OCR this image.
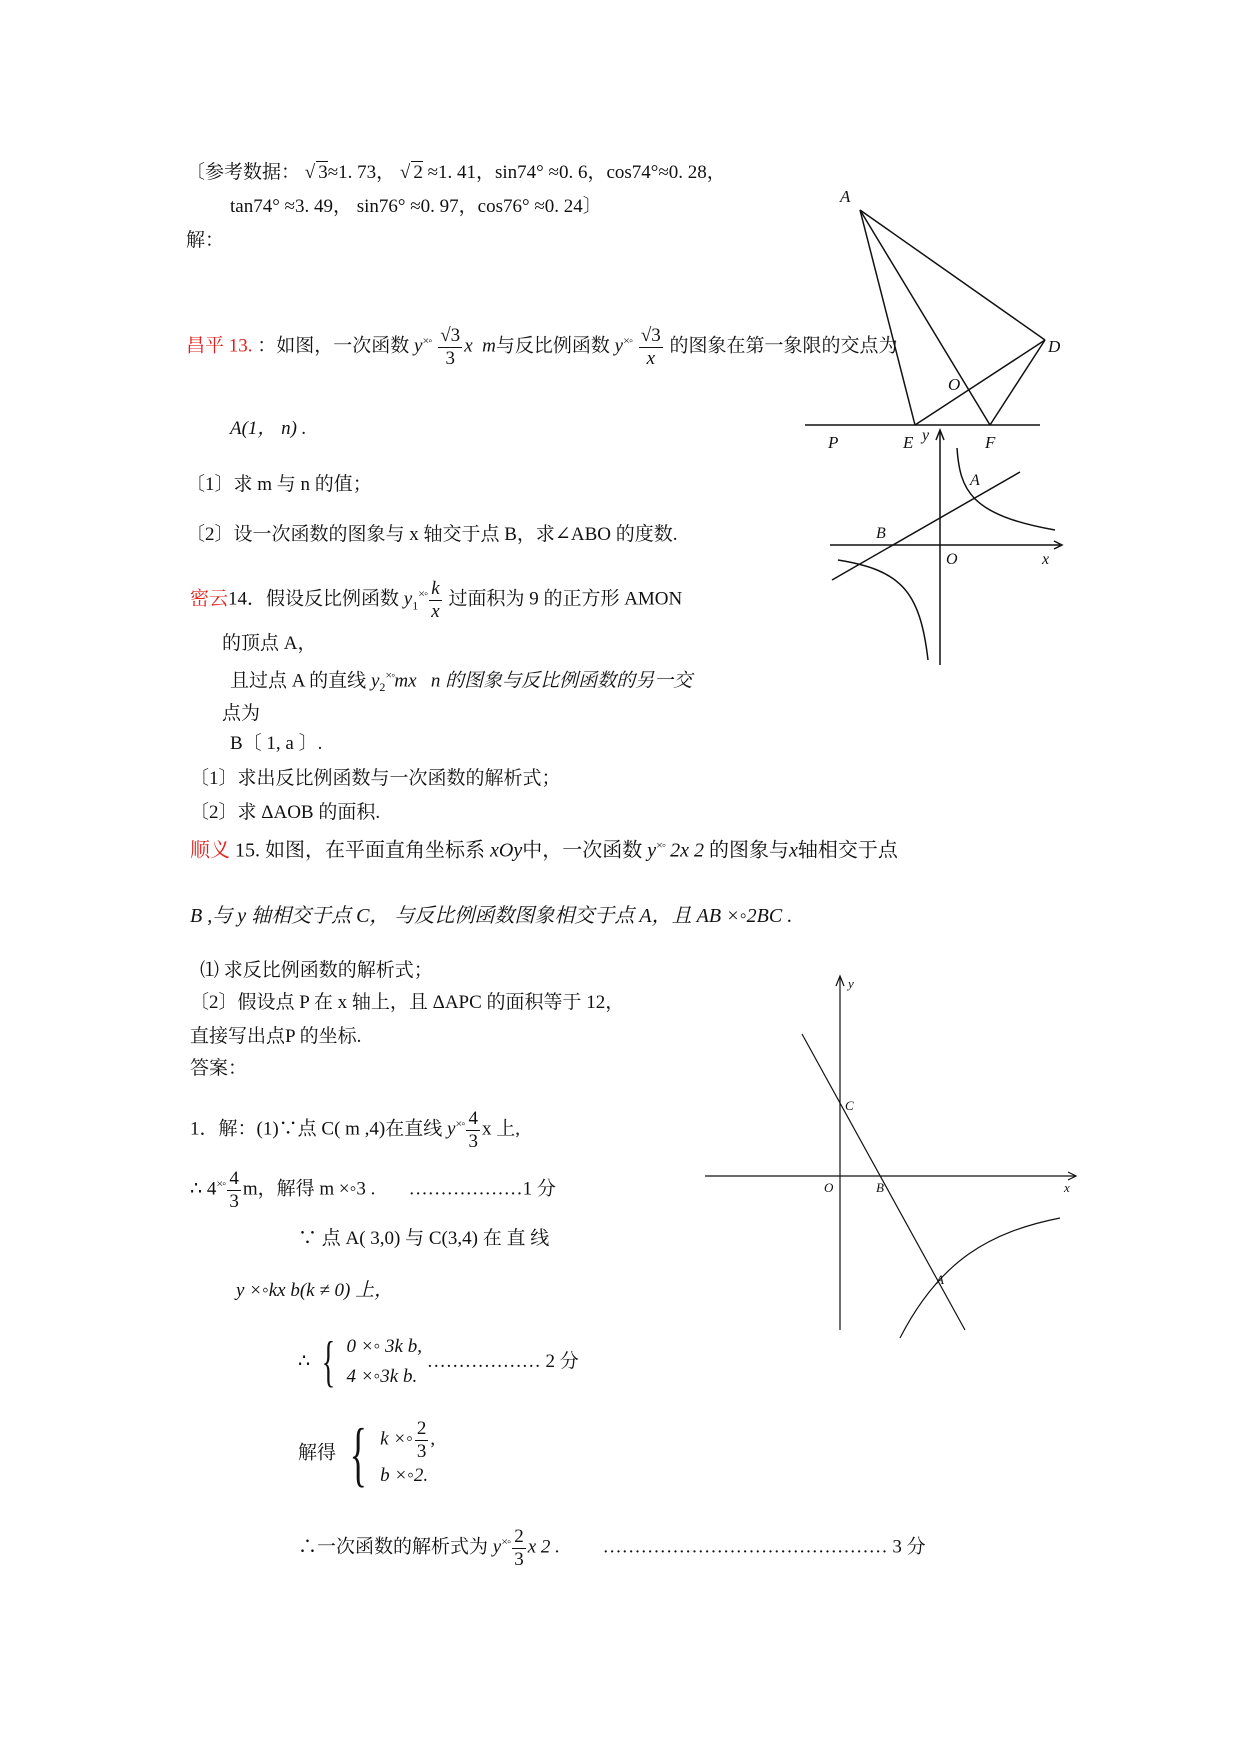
〔参考数据： √ 3≈1. 73， √ 2 ≈1. 41，sin74° ≈0. 6，cos74°≈0. 28，
tan74° ≈3. 49， sin76° ≈0. 97，cos76° ≈0. 24〕
解：
昌平 13. ：如图，一次函数 $y^{\times◦} \frac{√3}{3}$ x m与反比例函数 $y^{\times◦} \frac{√3}{x}$ 的图象在第一象限的交点为
A(1， n) .
〔1〕求 m 与 n 的值；
〔2〕设一次函数的图象与 x 轴交于点 B，求∠ABO 的度数.
密云14．假设反比例函数 $y_1^{\times◦} \frac{k}{x}$ 过面积为 9 的正方形 AMON
的顶点 A，
且过点 A 的直线 $y_2^{\times◦}mx$ n 的图象与反比例函数的另一交
点为
B〔 1, a 〕.
〔1〕求出反比例函数与一次函数的解析式；
〔2〕求 ΔAOB 的面积.
顺义 15. 如图，在平面直角坐标系 xOy中，一次函数 y×◦ 2x 2 的图象与x轴相交于点
B ,与 y 轴相交于点 C， 与反比例函数图象相交于点 A，且 AB ×◦2BC .
⑴ 求反比例函数的解析式；
〔2〕假设点 P 在 x 轴上，且 ΔAPC 的面积等于 12，
直接写出点P 的坐标.
答案：
1．解：(1)∵点 C( m ,4)在直线 $y^{\times◦} \frac{4}{3}$ x 上,
∴ $4^{\times◦} \frac{4}{3}$ m，解得 m ×◦3 . ………………1 分
∵ 点 A( 3,0) 与 C(3,4) 在 直 线
y ×◦kx b(k ≠ 0) 上，
∴ { 0 ×◦ 3k b,
4 ×◦3k b.
……………… 2 分
解得 { k ×◦ $\frac{2}{3}$ ,
b ×◦2.
∴一次函数的解析式为 $y^{\times◦} \frac{2}{3}$ x 2 . ……………………………………… 3 分
A
D
O
P	E	F
y
A
B
O	x
y
C
O	B	x
A
